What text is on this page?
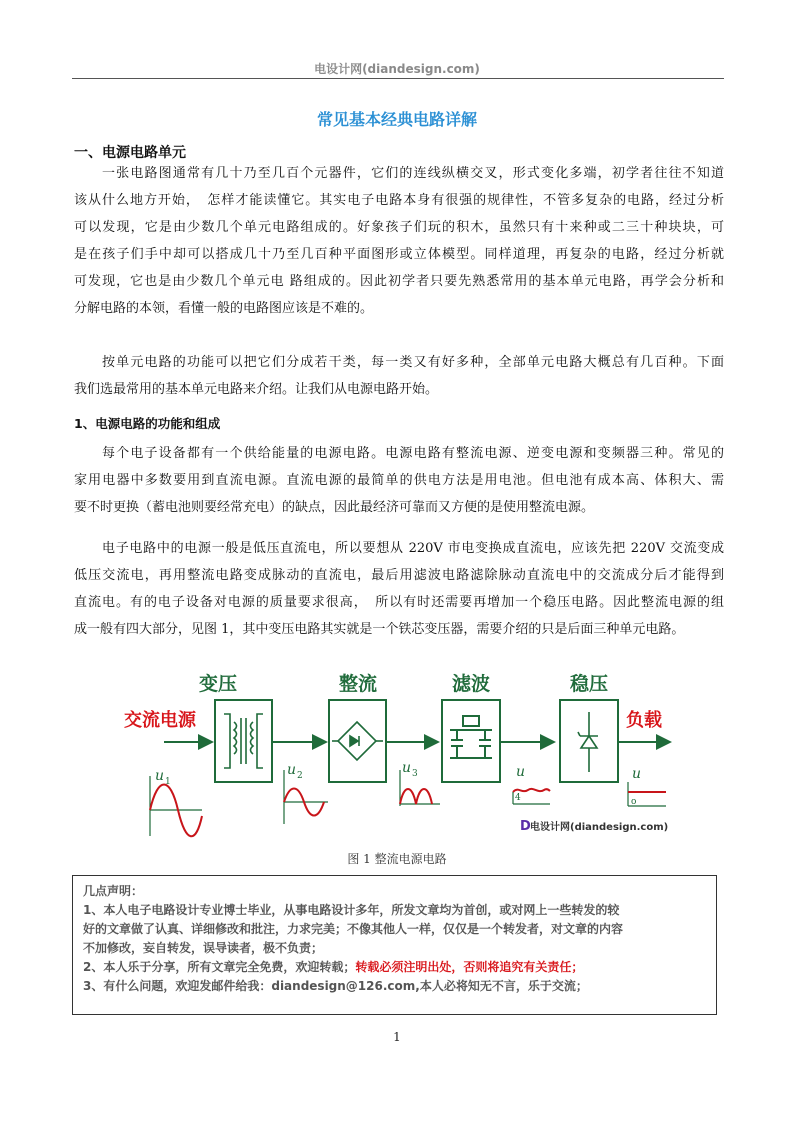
电设计网(diandesign.com)
常见基本经典电路详解
一、电源电路单元
一张电路图通常有几十乃至几百个元器件，它们的连线纵横交叉，形式变化多端，初学者往往不知道
该从什么地方开始，　怎样才能读懂它。其实电子电路本身有很强的规律性，不管多复杂的电路，经过分析
可以发现，它是由少数几个单元电路组成的。好象孩子们玩的积木，虽然只有十来种或二三十种块块，可
是在孩子们手中却可以搭成几十乃至几百种平面图形或立体模型。同样道理，再复杂的电路，经过分析就
可发现，它也是由少数几个单元电 路组成的。因此初学者只要先熟悉常用的基本单元电路，再学会分析和
分解电路的本领，看懂一般的电路图应该是不难的。
按单元电路的功能可以把它们分成若干类，每一类又有好多种，全部单元电路大概总有几百种。下面
我们选最常用的基本单元电路来介绍。让我们从电源电路开始。
1、电源电路的功能和组成
每个电子设备都有一个供给能量的电源电路。电源电路有整流电源、逆变电源和变频器三种。常见的
家用电器中多数要用到直流电源。直流电源的最简单的供电方法是用电池。但电池有成本高、体积大、需
要不时更换（蓄电池则要经常充电）的缺点，因此最经济可靠而又方便的是使用整流电源。
电子电路中的电源一般是低压直流电，所以要想从 220V 市电变换成直流电，应该先把 220V 交流变成
低压交流电，再用整流电路变成脉动的直流电，最后用滤波电路滤除脉动直流电中的交流成分后才能得到
直流电。有的电子设备对电源的质量要求很高，　所以有时还需要再增加一个稳压电路。因此整流电源的组
成一般有四大部分，见图 1，其中变压电路其实就是一个铁芯变压器，需要介绍的只是后面三种单元电路。
变压	整流	滤波	稳压
交流电源	负载
u 1
u 2	u 3	u
4
u
o
D 电设计网(diandesign.com)
图 1 整流电源电路
几点声明：
1、本人电子电路设计专业博士毕业，从事电路设计多年，所发文章均为首创，或对网上一些转发的较
好的文章做了认真、详细修改和批注，力求完美；不像其他人一样，仅仅是一个转发者，对文章的内容
不加修改，妄自转发，误导读者，极不负责；
2、本人乐于分享，所有文章完全免费，欢迎转载；转载必须注明出处，否则将追究有关责任；
3、有什么问题，欢迎发邮件给我：diandesign@126.com,本人必将知无不言，乐于交流；
1
